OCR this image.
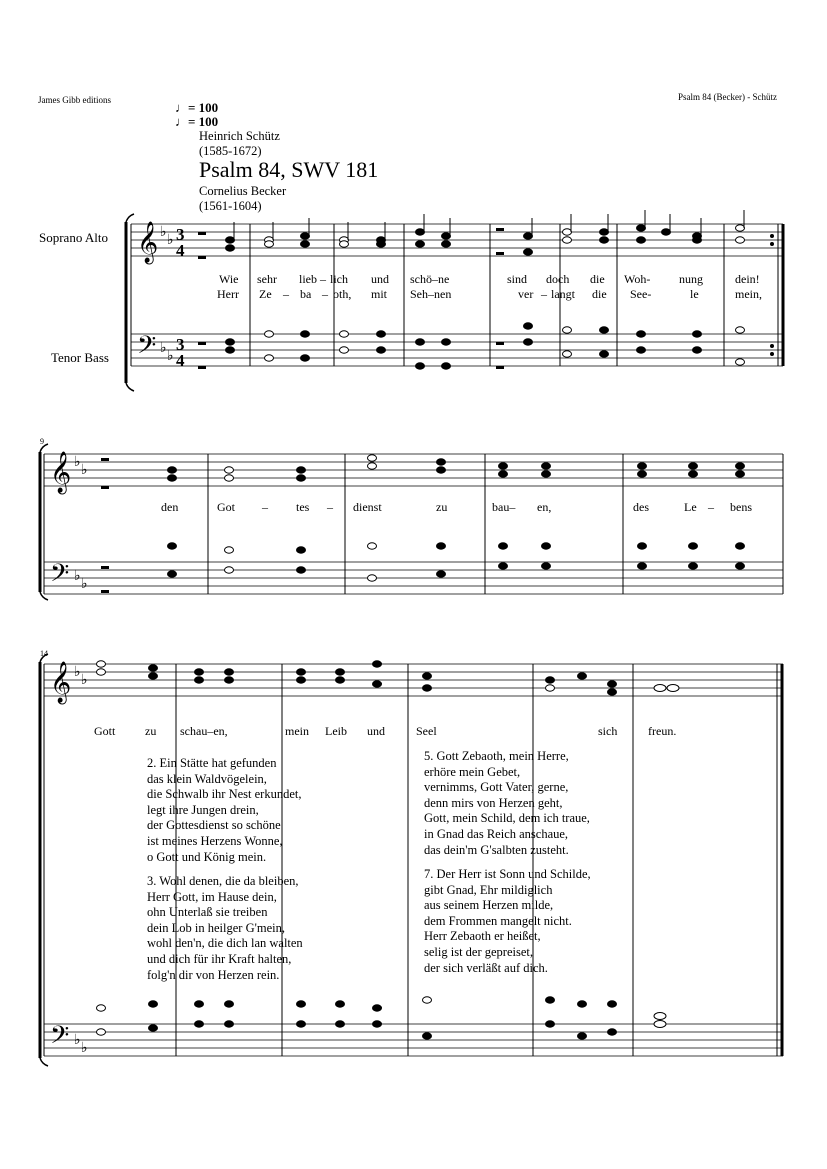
James Gibb editions	Psalm 84 (Becker) - Schütz
♩= 100
♩= 100
Heinrich Schütz
(1585-1672)
Psalm 84, SWV 181
Cornelius Becker
(1561-1604)
Soprano Alto
Tenor Bass
9
14
Wie sehr lieb – lich und schö–ne	sind doch die Woh- nung	dein!
Herr Ze – ba – oth, mit Seh–nen	ver – langt die See-	le	mein,
den	Got – tes – dienst	zu	bau– en,	des	Le – bens
Gott zu schau–en,	mein Leib und	Seel	sich	freun.
𝄞
𝄢
𝄞
𝄢
𝄞
𝄢
♭ ♭
♭ ♭
♭ ♭
♭ ♭
♭ ♭
♭ ♭
3
4
3
4
2. Ein Stätte hat gefunden
das klein Waldvögelein,
die Schwalb ihr Nest erkundet,
legt ihre Jungen drein,
der Gottesdienst so schöne
ist meines Herzens Wonne,
o Gott und König mein.
3. Wohl denen, die da bleiben,
Herr Gott, im Hause dein,
ohn Unterlaß sie treiben
dein Lob in heilger G'mein,
wohl den'n, die dich lan walten
und dich für ihr Kraft halten,
folg'n dir von Herzen rein.
5. Gott Zebaoth, mein Herre,
erhöre mein Gebet,
vernimms, Gott Vater, gerne,
denn mirs von Herzen geht,
Gott, mein Schild, dem ich traue,
in Gnad das Reich anschaue,
das dein'm G'salbten zusteht.
7. Der Herr ist Sonn und Schilde,
gibt Gnad, Ehr mildiglich
aus seinem Herzen milde,
dem Frommen mangelt nicht.
Herr Zebaoth er heißet,
selig ist der gepreiset,
der sich verläßt auf dich.
